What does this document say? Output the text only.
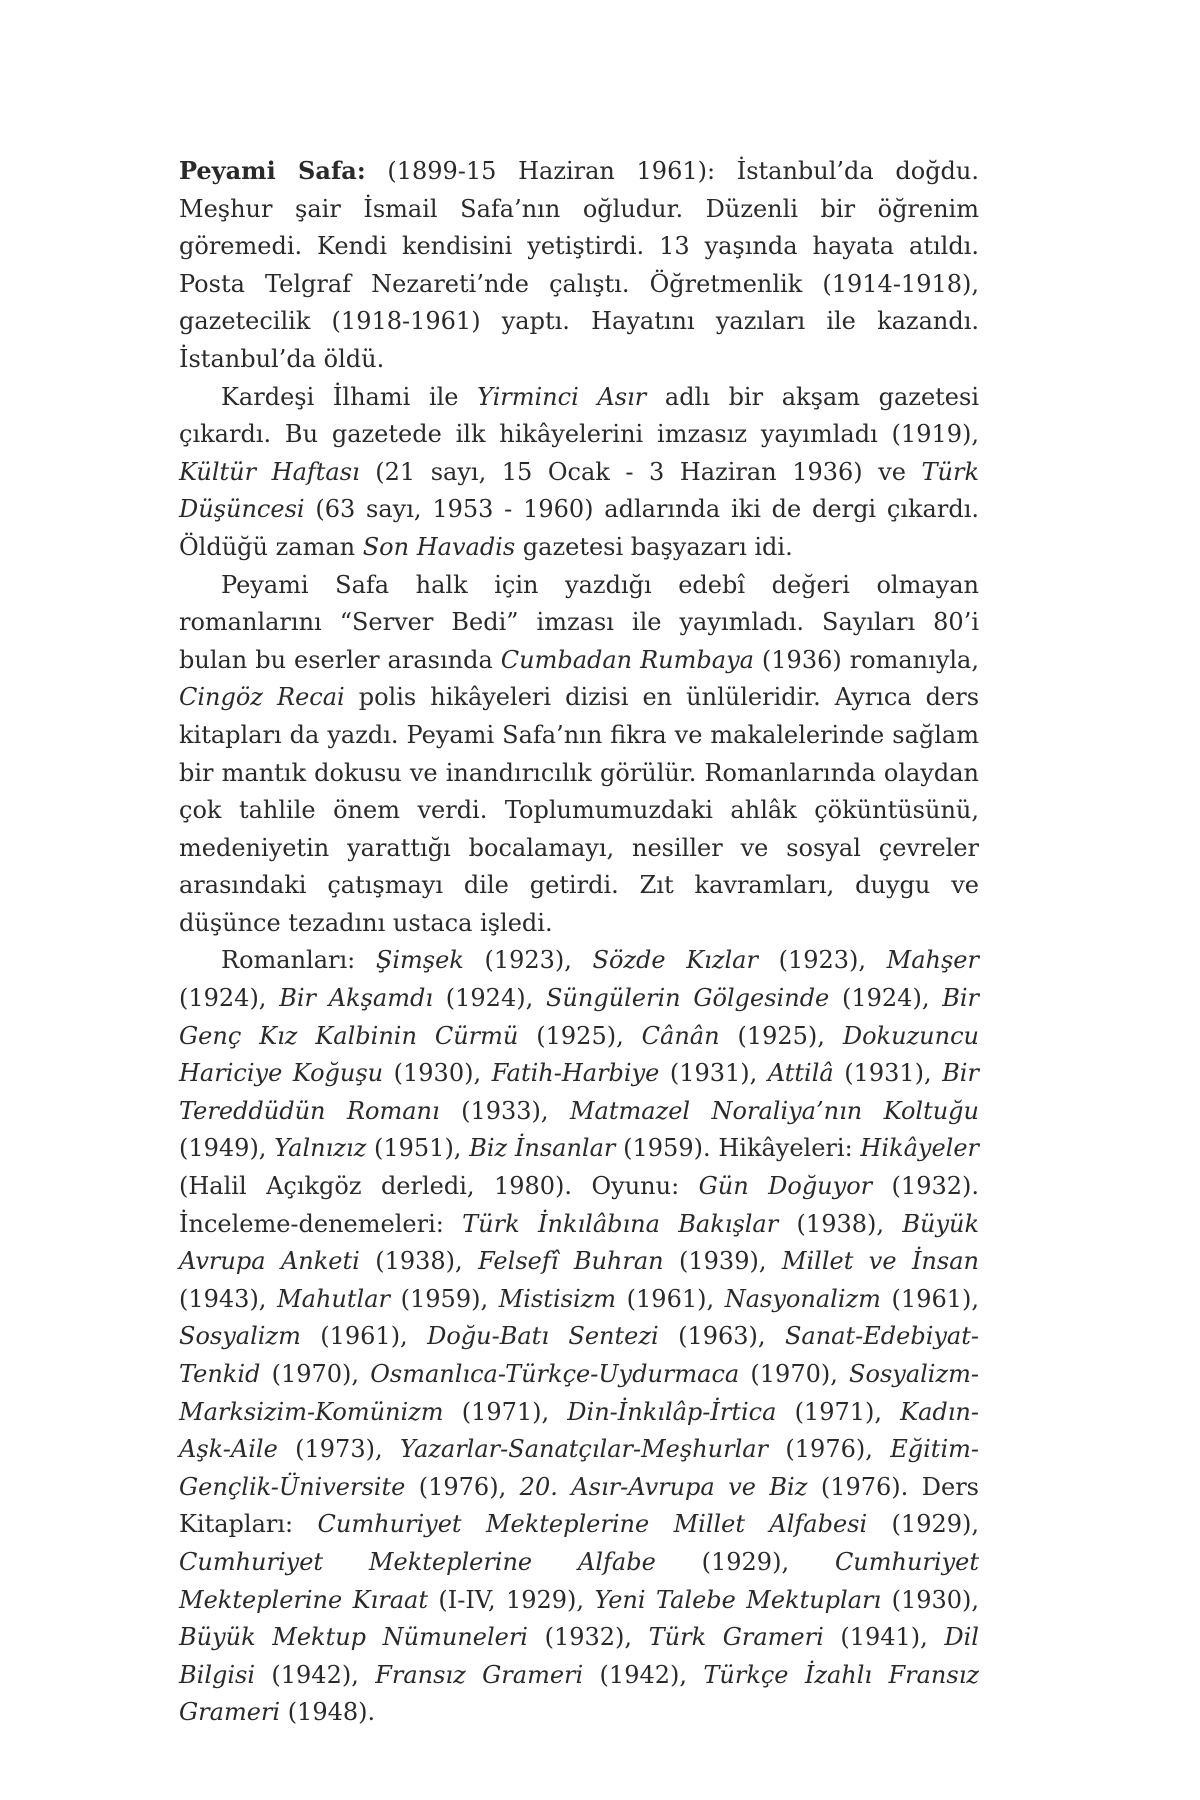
Peyami Safa: (1899-15 Haziran 1961): İstanbul’da doğdu. Meşhur şair İsmail Safa’nın oğludur. Düzenli bir öğrenim göremedi. Kendi kendisini yetiştirdi. 13 yaşında hayata atıldı. Posta Telgraf Nezareti’nde çalıştı. Öğretmenlik (1914-1918), gazetecilik (1918-1961) yaptı. Hayatını yazıları ile kazandı. İstanbul’da öldü.

Kardeşi İlhami ile Yirminci Asır adlı bir akşam gazetesi çıkardı. Bu gazetede ilk hikâyelerini imzasız yayımladı (1919), Kültür Haftası (21 sayı, 15 Ocak - 3 Haziran 1936) ve Türk Düşüncesi (63 sayı, 1953 - 1960) adlarında iki de dergi çıkardı. Öldüğü zaman Son Havadis gazetesi başyazarı idi.

Peyami Safa halk için yazdığı edebî değeri olmayan romanlarını “Server Bedi” imzası ile yayımladı. Sayıları 80’i bulan bu eserler arasında Cumbadan Rumbaya (1936) romanıyla, Cingöz Recai polis hikâyeleri dizisi en ünlüleridir. Ayrıca ders kitapları da yazdı. Peyami Safa’nın fikra ve makalelerinde sağlam bir mantık dokusu ve inandırıcılık görülür. Romanlarında olaydan çok tahlile önem verdi. Toplumumuzdaki ahlâk çöküntüsünü, medeniyetin yarattığı bocalamayı, nesiller ve sosyal çevreler arasındaki çatışmayı dile getirdi. Zıt kavramları, duygu ve düşünce tezadını ustaca işledi.

Romanları: Şimşek (1923), Sözde Kızlar (1923), Mahşer (1924), Bir Akşamdı (1924), Süngülerin Gölgesinde (1924), Bir Genç Kız Kalbinin Cürmü (1925), Cânân (1925), Dokuzuncu Hariciye Koğuşu (1930), Fatih-Harbiye (1931), Attilâ (1931), Bir Tereddüdün Romanı (1933), Matmazel Noraliya’nın Koltuğu (1949), Yalnızız (1951), Biz İnsanlar (1959). Hikâyeleri: Hikâyeler (Halil Açıkgöz derledi, 1980). Oyunu: Gün Doğuyor (1932). İnceleme-denemeleri: Türk İnkılâbına Bakışlar (1938), Büyük Avrupa Anketi (1938), Felsefî Buhran (1939), Millet ve İnsan (1943), Mahutlar (1959), Mistisizm (1961), Nasyonalizm (1961), Sosyalizm (1961), Doğu-Batı Sentezi (1963), Sanat-Edebiyat-Tenkid (1970), Osmanlıca-Türkçe-Uydurmaca (1970), Sosyalizm-Marksizim-Komünizm (1971), Din-İnkılâp-İrtica (1971), Kadın-Aşk-Aile (1973), Yazarlar-Sanatçılar-Meşhurlar (1976), Eğitim-Gençlik-Üniversite (1976), 20. Asır-Avrupa ve Biz (1976). Ders Kitapları: Cumhuriyet Mekteplerine Millet Alfabesi (1929), Cumhuriyet Mekteplerine Alfabe (1929), Cumhuriyet Mekteplerine Kıraat (I-IV, 1929), Yeni Talebe Mektupları (1930), Büyük Mektup Nümuneleri (1932), Türk Grameri (1941), Dil Bilgisi (1942), Fransız Grameri (1942), Türkçe İzahlı Fransız Grameri (1948).
